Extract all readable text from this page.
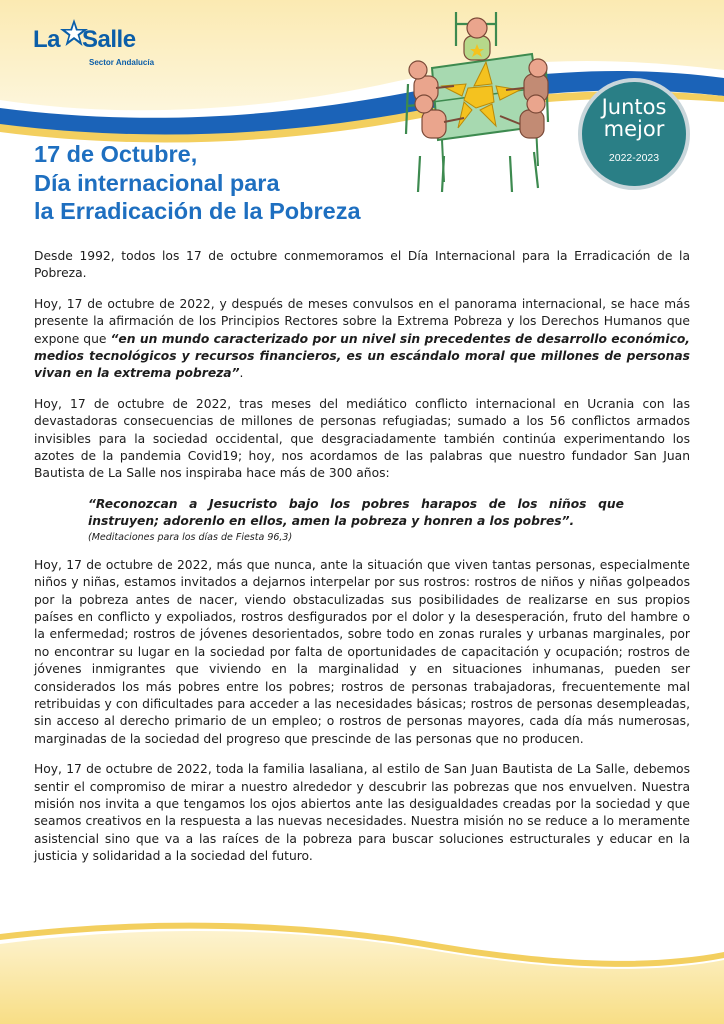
La Salle
Sector Andalucía
Juntos
mejor
2022-2023
17 de Octubre,
Día internacional para
la Erradicación de la Pobreza

Desde 1992, todos los 17 de octubre conmemoramos el Día Internacional para la Erradicación de la Pobreza.

Hoy, 17 de octubre de 2022, y después de meses convulsos en el panorama internacional, se hace más presente la afirmación de los Principios Rectores sobre la Extrema Pobreza y los Derechos Humanos que expone que “en un mundo caracterizado por un nivel sin precedentes de desarrollo económico, medios tecnológicos y recursos financieros, es un escándalo moral que millones de personas vivan en la extrema pobreza”.

Hoy, 17 de octubre de 2022, tras meses del mediático conflicto internacional en Ucrania con las devastadoras consecuencias de millones de personas refugiadas; sumado a los 56 conflictos armados invisibles para la sociedad occidental, que desgraciadamente también continúa experimentando los azotes de la pandemia Covid19; hoy, nos acordamos de las palabras que nuestro fundador San Juan Bautista de La Salle nos inspiraba hace más de 300 años:

“Reconozcan a Jesucristo bajo los pobres harapos de los niños que instruyen; adorenlo en ellos, amen la pobreza y honren a los pobres”.
(Meditaciones para los días de Fiesta 96,3)

Hoy, 17 de octubre de 2022, más que nunca, ante la situación que viven tantas personas, especialmente niños y niñas, estamos invitados a dejarnos interpelar por sus rostros: rostros de niños y niñas golpeados por la pobreza antes de nacer, viendo obstaculizadas sus posibilidades de realizarse en sus propios países en conflicto y expoliados, rostros desfigurados por el dolor y la desesperación, fruto del hambre o la enfermedad; rostros de jóvenes desorientados, sobre todo en zonas rurales y urbanas marginales, por no encontrar su lugar en la sociedad por falta de oportunidades de capacitación y ocupación; rostros de jóvenes inmigrantes que viviendo en la marginalidad y en situaciones inhumanas, pueden ser considerados los más pobres entre los pobres; rostros de personas trabajadoras, frecuentemente mal retribuidas y con dificultades para acceder a las necesidades básicas; rostros de personas desempleadas, sin acceso al derecho primario de un empleo; o rostros de personas mayores, cada día más numerosas, marginadas de la sociedad del progreso que prescinde de las personas que no producen.

Hoy, 17 de octubre de 2022, toda la familia lasaliana, al estilo de San Juan Bautista de La Salle, debemos sentir el compromiso de mirar a nuestro alrededor y descubrir las pobrezas que nos envuelven. Nuestra misión nos invita a que tengamos los ojos abiertos ante las desigualdades creadas por la sociedad y que seamos creativos en la respuesta a las nuevas necesidades. Nuestra misión no se reduce a lo meramente asistencial sino que va a las raíces de la pobreza para buscar soluciones estructurales y educar en la justicia y solidaridad a la sociedad del futuro.
